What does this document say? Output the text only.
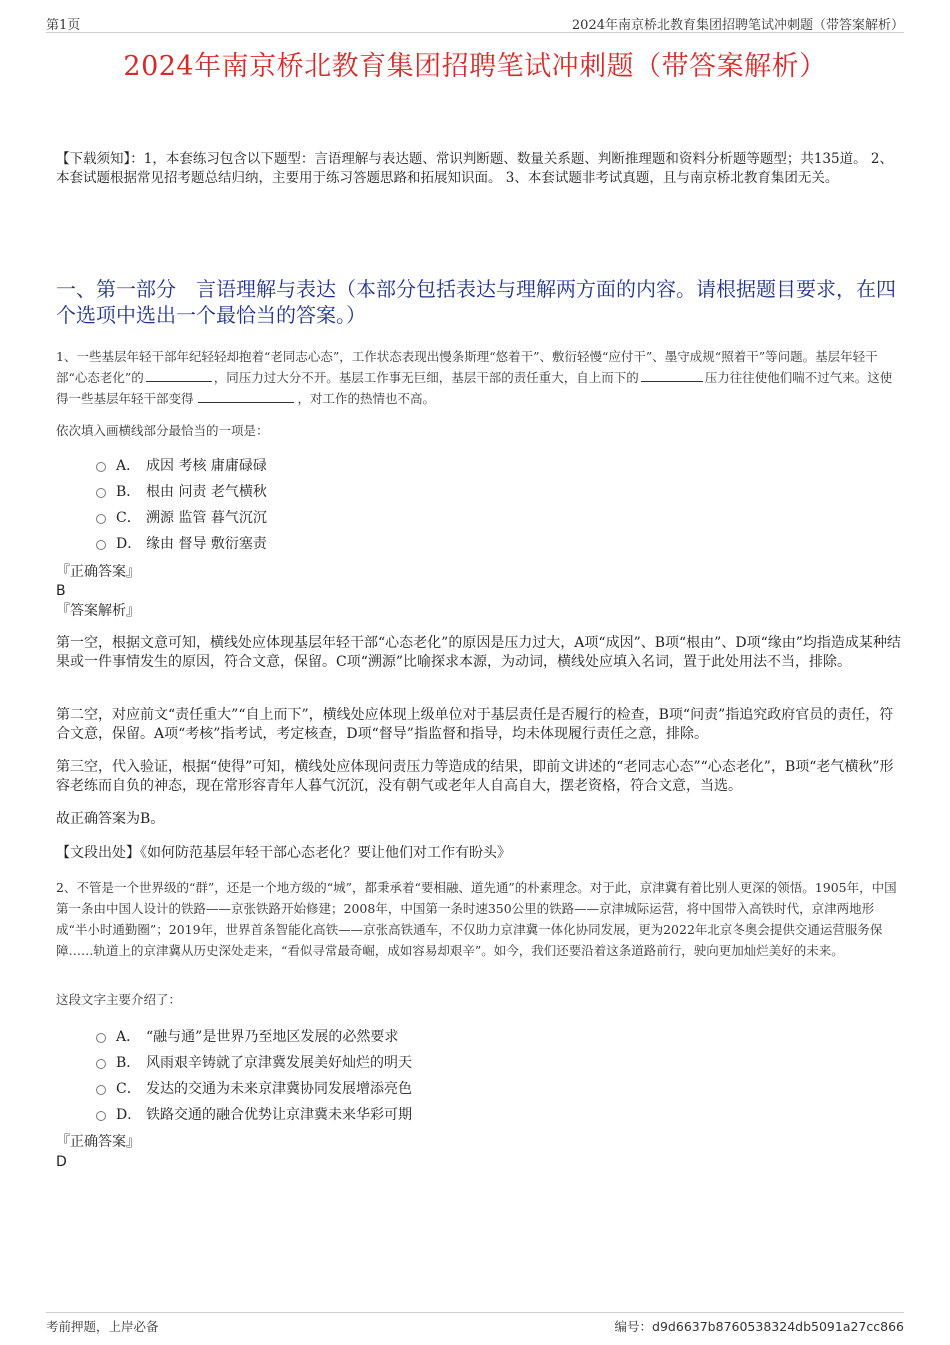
第1页	2024年南京桥北教育集团招聘笔试冲刺题（带答案解析）
2024年南京桥北教育集团招聘笔试冲刺题（带答案解析）
【下载须知】：1，本套练习包含以下题型：言语理解与表达题、常识判断题、数量关系题、判断推理题和资料分析题等题型；共135道。 2、本套试题根据常见招考题总结归纳，主要用于练习答题思路和拓展知识面。 3、本套试题非考试真题，且与南京桥北教育集团无关。
一、第一部分　言语理解与表达（本部分包括表达与理解两方面的内容。请根据题目要求，在四个选项中选出一个最恰当的答案。）

1、一些基层年轻干部年纪轻轻却抱着“老同志心态”，工作状态表现出慢条斯理“悠着干”、敷衍轻慢“应付干”、墨守成规“照着干”等问题。基层年轻干部“心态老化”的	，同压力过大分不开。基层工作事无巨细，基层干部的责任重大，自上而下的	压力往往使他们喘不过气来。这使得一些基层年轻干部变得	，对工作的热情也不高。

依次填入画横线部分最恰当的一项是：
A． 成因 考核 庸庸碌碌
B． 根由 问责 老气横秋
C． 溯源 监管 暮气沉沉
D． 缘由 督导 敷衍塞责
『正确答案』
B
『答案解析』

第一空，根据文意可知，横线处应体现基层年轻干部“心态老化”的原因是压力过大，A项“成因”、B项“根由”、D项“缘由”均指造成某种结果或一件事情发生的原因，符合文意，保留。C项“溯源”比喻探求本源，为动词，横线处应填入名词，置于此处用法不当，排除。

第二空，对应前文“责任重大”“自上而下”，横线处应体现上级单位对于基层责任是否履行的检查，B项“问责”指追究政府官员的责任，符合文意，保留。A项“考核”指考试，考定核查，D项“督导”指监督和指导，均未体现履行责任之意，排除。

第三空，代入验证，根据“使得”可知，横线处应体现问责压力等造成的结果，即前文讲述的“老同志心态”“心态老化”，B项“老气横秋”形容老练而自负的神态，现在常形容青年人暮气沉沉，没有朝气或老年人自高自大，摆老资格，符合文意，当选。

故正确答案为B。

【文段出处】《如何防范基层年轻干部心态老化？要让他们对工作有盼头》

2、不管是一个世界级的“群”，还是一个地方级的“城”，都秉承着“要相融、道先通”的朴素理念。对于此，京津冀有着比别人更深的领悟。1905年，中国第一条由中国人设计的铁路——京张铁路开始修建；2008年，中国第一条时速350公里的铁路——京津城际运营，将中国带入高铁时代，京津两地形成“半小时通勤圈”；2019年，世界首条智能化高铁——京张高铁通车，不仅助力京津冀一体化协同发展，更为2022年北京冬奥会提供交通运营服务保障……轨道上的京津冀从历史深处走来，“看似寻常最奇崛，成如容易却艰辛”。如今，我们还要沿着这条道路前行，驶向更加灿烂美好的未来。

这段文字主要介绍了：
A． “融与通”是世界乃至地区发展的必然要求
B． 风雨艰辛铸就了京津冀发展美好灿烂的明天
C． 发达的交通为未来京津冀协同发展增添亮色
D． 铁路交通的融合优势让京津冀未来华彩可期
『正确答案』
D
考前押题，上岸必备	编号：d9d6637b8760538324db5091a27cc866
